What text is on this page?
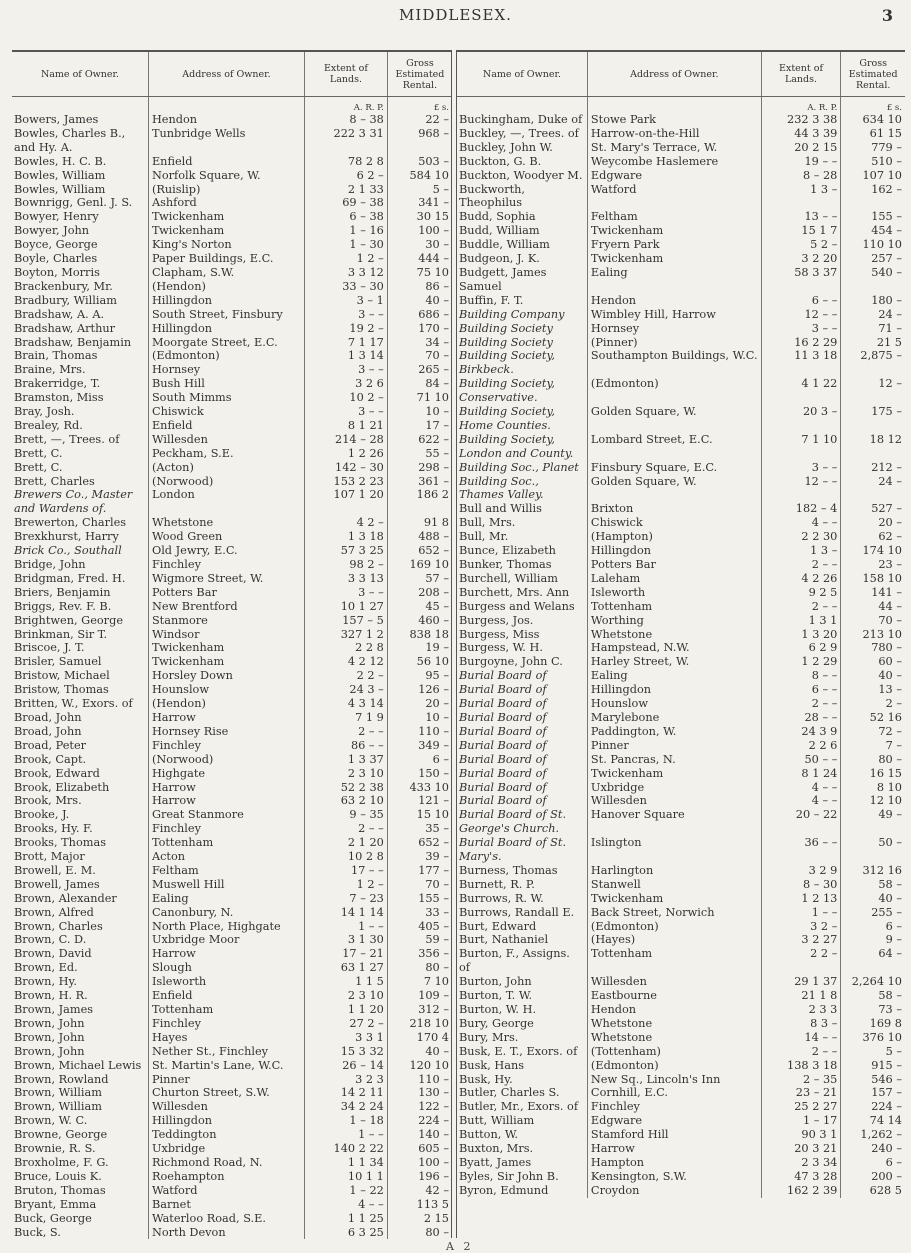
MIDDLESEX.	3
Name of Owner.	Address of Owner.	Extent of Lands.	Gross Estimated Rental.
		A. R. P.	£ s.
Bowers, James	Hendon	8 – 38	22 –
Bowles, Charles B., and Hy. A.	Tunbridge Wells	222 3 31	968 –
Bowles, H. C. B.	Enfield	78 2 8	503 –
Bowles, William	Norfolk Square, W.	6 2 –	584 10
Bowles, William	(Ruislip)	2 1 33	5 –
Bownrigg, Genl. J. S.	Ashford	69 – 38	341 –
Bowyer, Henry	Twickenham	6 – 38	30 15
Bowyer, John	Twickenham	1 – 16	100 –
Boyce, George	King's Norton	1 – 30	30 –
Boyle, Charles	Paper Buildings, E.C.	1 2 –	444 –
Boyton, Morris	Clapham, S.W.	3 3 12	75 10
Brackenbury, Mr.	(Hendon)	33 – 30	86 –
Bradbury, William	Hillingdon	3 – 1	40 –
Bradshaw, A. A.	South Street, Finsbury	3 – –	686 –
Bradshaw, Arthur	Hillingdon	19 2 –	170 –
Bradshaw, Benjamin	Moorgate Street, E.C.	7 1 17	34 –
Brain, Thomas	(Edmonton)	1 3 14	70 –
Braine, Mrs.	Hornsey	3 – –	265 –
Brakerridge, T.	Bush Hill	3 2 6	84 –
Bramston, Miss	South Mimms	10 2 –	71 10
Bray, Josh.	Chiswick	3 – –	10 –
Brealey, Rd.	Enfield	8 1 21	17 –
Brett, —, Trees. of	Willesden	214 – 28	622 –
Brett, C.	Peckham, S.E.	1 2 26	55 –
Brett, C.	(Acton)	142 – 30	298 –
Brett, Charles	(Norwood)	153 2 23	361 –
Brewers Co., Master and Wardens of.	London	107 1 20	186 2
Brewerton, Charles	Whetstone	4 2 –	91 8
Brexkhurst, Harry	Wood Green	1 3 18	488 –
Brick Co., Southall	Old Jewry, E.C.	57 3 25	652 –
Bridge, John	Finchley	98 2 –	169 10
Bridgman, Fred. H.	Wigmore Street, W.	3 3 13	57 –
Briers, Benjamin	Potters Bar	3 – –	208 –
Briggs, Rev. F. B.	New Brentford	10 1 27	45 –
Brightwen, George	Stanmore	157 – 5	460 –
Brinkman, Sir T.	Windsor	327 1 2	838 18
Briscoe, J. T.	Twickenham	2 2 8	19 –
Brisler, Samuel	Twickenham	4 2 12	56 10
Bristow, Michael	Horsley Down	2 2 –	95 –
Bristow, Thomas	Hounslow	24 3 –	126 –
Britten, W., Exors. of	(Hendon)	4 3 14	20 –
Broad, John	Harrow	7 1 9	10 –
Broad, John	Hornsey Rise	2 – –	110 –
Broad, Peter	Finchley	86 – –	349 –
Brook, Capt.	(Norwood)	1 3 37	6 –
Brook, Edward	Highgate	2 3 10	150 –
Brook, Elizabeth	Harrow	52 2 38	433 10
Brook, Mrs.	Harrow	63 2 10	121 –
Brooke, J.	Great Stanmore	9 – 35	15 10
Brooks, Hy. F.	Finchley	2 – –	35 –
Brooks, Thomas	Tottenham	2 1 20	652 –
Brott, Major	Acton	10 2 8	39 –
Browell, E. M.	Feltham	17 – –	177 –
Browell, James	Muswell Hill	1 2 –	70 –
Brown, Alexander	Ealing	7 – 23	155 –
Brown, Alfred	Canonbury, N.	14 1 14	33 –
Brown, Charles	North Place, Highgate	1 – –	405 –
Brown, C. D.	Uxbridge Moor	3 1 30	59 –
Brown, David	Harrow	17 – 21	356 –
Brown, Ed.	Slough	63 1 27	80 –
Brown, Hy.	Isleworth	1 1 5	7 10
Brown, H. R.	Enfield	2 3 10	109 –
Brown, James	Tottenham	1 1 20	312 –
Brown, John	Finchley	27 2 –	218 10
Brown, John	Hayes	3 3 1	170 4
Brown, John	Nether St., Finchley	15 3 32	40 –
Brown, Michael Lewis	St. Martin's Lane, W.C.	26 – 14	120 10
Brown, Rowland	Pinner	3 2 3	110 –
Brown, William	Churton Street, S.W.	14 2 11	130 –
Brown, William	Willesden	34 2 24	122 –
Brown, W. C.	Hillingdon	1 – 18	224 –
Browne, George	Teddington	1 – –	140 –
Brownie, R. S.	Uxbridge	140 2 22	605 –
Broxholme, F. G.	Richmond Road, N.	1 1 34	100 –
Bruce, Louis K.	Roehampton	10 1 1	196 –
Bruton, Thomas	Watford	1 – 22	42 –
Bryant, Emma	Barnet	4 – –	113 5
Buck, George	Waterloo Road, S.E.	1 1 25	2 15
Buck, S.	North Devon	6 3 25	80 –
Name of Owner.	Address of Owner.	Extent of Lands.	Gross Estimated Rental.
		A. R. P.	£ s.
Buckingham, Duke of	Stowe Park	232 3 38	634 10
Buckley, —, Trees. of	Harrow-on-the-Hill	44 3 39	61 15
Buckley, John W.	St. Mary's Terrace, W.	20 2 15	779 –
Buckton, G. B.	Weycombe Haslemere	19 – –	510 –
Buckton, Woodyer M.	Edgware	8 – 28	107 10
Buckworth, Theophilus	Watford	1 3 –	162 –
Budd, Sophia	Feltham	13 – –	155 –
Budd, William	Twickenham	15 1 7	454 –
Buddle, William	Fryern Park	5 2 –	110 10
Budgeon, J. K.	Twickenham	3 2 20	257 –
Budgett, James Samuel	Ealing	58 3 37	540 –
Buffin, F. T.	Hendon	6 – –	180 –
Building Company	Wimbley Hill, Harrow	12 – –	24 –
Building Society	Hornsey	3 – –	71 –
Building Society	(Pinner)	16 2 29	21 5
Building Society, Birkbeck.	Southampton Buildings, W.C.	11 3 18	2,875 –
Building Society, Conservative.	(Edmonton)	4 1 22	12 –
Building Society, Home Counties.	Golden Square, W.	20 3 –	175 –
Building Society, London and County.	Lombard Street, E.C.	7 1 10	18 12
Building Soc., Planet	Finsbury Square, E.C.	3 – –	212 –
Building Soc., Thames Valley.	Golden Square, W.	12 – –	24 –
Bull and Willis	Brixton	182 – 4	527 –
Bull, Mrs.	Chiswick	4 – –	20 –
Bull, Mr.	(Hampton)	2 2 30	62 –
Bunce, Elizabeth	Hillingdon	1 3 –	174 10
Bunker, Thomas	Potters Bar	2 – –	23 –
Burchell, William	Laleham	4 2 26	158 10
Burchett, Mrs. Ann	Isleworth	9 2 5	141 –
Burgess and Welans	Tottenham	2 – –	44 –
Burgess, Jos.	Worthing	1 3 1	70 –
Burgess, Miss	Whetstone	1 3 20	213 10
Burgess, W. H.	Hampstead, N.W.	6 2 9	780 –
Burgoyne, John C.	Harley Street, W.	1 2 29	60 –
Burial Board of	Ealing	8 – –	40 –
Burial Board of	Hillingdon	6 – –	13 –
Burial Board of	Hounslow	2 – –	2 –
Burial Board of	Marylebone	28 – –	52 16
Burial Board of	Paddington, W.	24 3 9	72 –
Burial Board of	Pinner	2 2 6	7 –
Burial Board of	St. Pancras, N.	50 – –	80 –
Burial Board of	Twickenham	8 1 24	16 15
Burial Board of	Uxbridge	4 – –	8 10
Burial Board of	Willesden	4 – –	12 10
Burial Board of St. George's Church.	Hanover Square	20 – 22	49 –
Burial Board of St. Mary's.	Islington	36 – –	50 –
Burness, Thomas	Harlington	3 2 9	312 16
Burnett, R. P.	Stanwell	8 – 30	58 –
Burrows, R. W.	Twickenham	1 2 13	40 –
Burrows, Randall E.	Back Street, Norwich	1 – –	255 –
Burt, Edward	(Edmonton)	3 2 –	6 –
Burt, Nathaniel	(Hayes)	3 2 27	9 –
Burton, F., Assigns. of	Tottenham	2 2 –	64 –
Burton, John	Willesden	29 1 37	2,264 10
Burton, T. W.	Eastbourne	21 1 8	58 –
Burton, W. H.	Hendon	2 3 3	73 –
Bury, George	Whetstone	8 3 –	169 8
Bury, Mrs.	Whetstone	14 – –	376 10
Busk, E. T., Exors. of	(Tottenham)	2 – –	5 –
Busk, Hans	(Edmonton)	138 3 18	915 –
Busk, Hy.	New Sq., Lincoln's Inn	2 – 35	546 –
Butler, Charles S.	Cornhill, E.C.	23 – 21	157 –
Butler, Mr., Exors. of	Finchley	25 2 27	224 –
Butt, William	Edgware	1 – 17	74 14
Button, W.	Stamford Hill	90 3 1	1,262 –
Buxton, Mrs.	Harrow	20 3 21	240 –
Byatt, James	Hampton	2 3 34	6 –
Byles, Sir John B.	Kensington, S.W.	47 3 28	200 –
Byron, Edmund	Croydon	162 2 39	628 5
A 2
